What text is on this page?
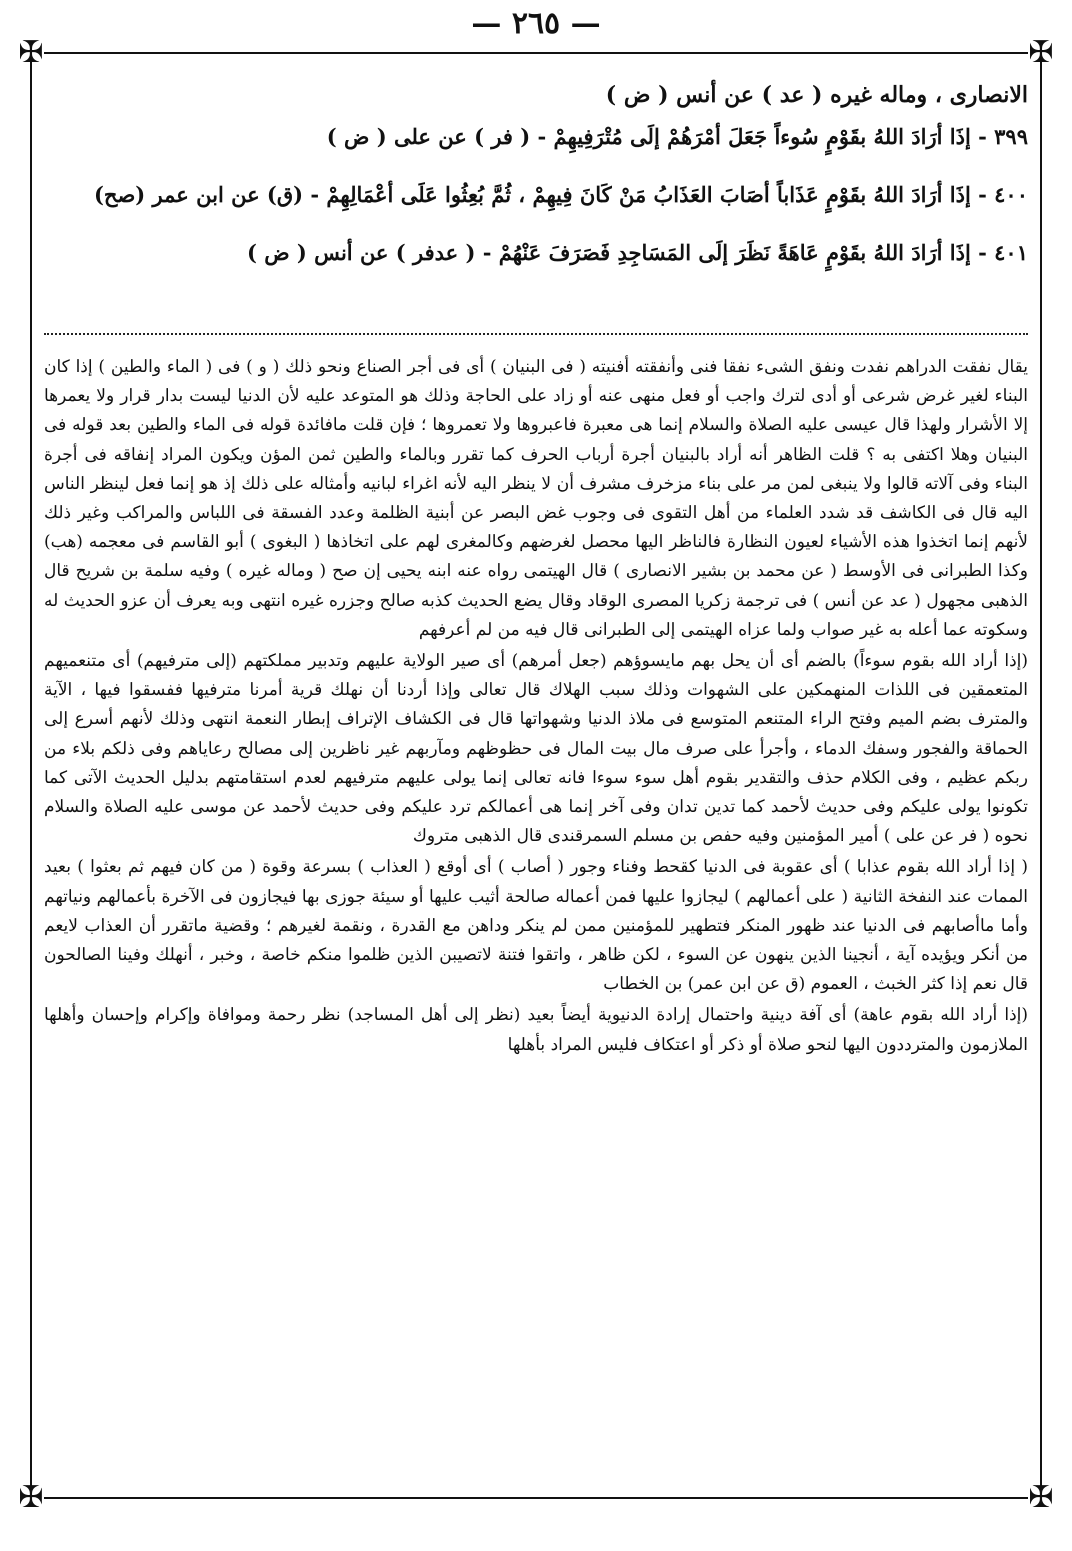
— ٢٦٥ —
✠	✠
✠	✠

الانصارى ، وماله غيره ( عد ) عن أنس ( ض )

٣٩٩ - إذَا أرَادَ اللهُ بقَوْمٍ سُوءاً جَعَلَ أمْرَهُمْ إلَى مُتْرَفِيهِمْ - ( فر ) عن على ( ض )

٤٠٠ - إذَا أرَادَ اللهُ بقَوْمٍ عَذَاباً أصَابَ العَذَابُ مَنْ كَانَ فِيهِمْ ، ثُمَّ بُعِثُوا عَلَى أعْمَالِهِمْ - (ق) عن ابن عمر (صح)

٤٠١ - إذَا أرَادَ اللهُ بقَوْمٍ عَاهَةً نَظَرَ إلَى المَسَاجِدِ فَصَرَفَ عَنْهُمْ - ( عدفر ) عن أنس ( ض )

يقال نفقت الدراهم نفدت ونفق الشىء نفقا فنى وأنفقته أفنيته ( فى البنيان ) أى فى أجر الصناع ونحو ذلك ( و ) فى ( الماء والطين ) إذا كان البناء لغير غرض شرعى أو أدى لترك واجب أو فعل منهى عنه أو زاد على الحاجة وذلك هو المتوعد عليه لأن الدنيا ليست بدار قرار ولا يعمرها إلا الأشرار ولهذا قال عيسى عليه الصلاة والسلام إنما هى معبرة فاعبروها ولا تعمروها ؛ فإن قلت مافائدة قوله فى الماء والطين بعد قوله فى البنيان وهلا اكتفى به ؟ قلت الظاهر أنه أراد بالبنيان أجرة أرباب الحرف كما تقرر وبالماء والطين ثمن المؤن ويكون المراد إنفاقه فى أجرة البناء وفى آلاته قالوا ولا ينبغى لمن مر على بناء مزخرف مشرف أن لا ينظر اليه لأنه اغراء لبانيه وأمثاله على ذلك إذ هو إنما فعل لينظر الناس اليه قال فى الكاشف قد شدد العلماء من أهل التقوى فى وجوب غض البصر عن أبنية الظلمة وعدد الفسقة فى اللباس والمراكب وغير ذلك لأنهم إنما اتخذوا هذه الأشياء لعيون النظارة فالناظر اليها محصل لغرضهم وكالمغرى لهم على اتخاذها ( البغوى ) أبو القاسم فى معجمه (هب) وكذا الطبرانى فى الأوسط ( عن محمد بن بشير الانصارى ) قال الهيتمى رواه عنه ابنه يحيى إن صح ( وماله غيره ) وفيه سلمة بن شريح قال الذهبى مجهول ( عد عن أنس ) فى ترجمة زكريا المصرى الوقاد وقال يضع الحديث كذبه صالح وجزره غيره انتهى وبه يعرف أن عزو الحديث له وسكوته عما أعله به غير صواب ولما عزاه الهيتمى إلى الطبرانى قال فيه من لم أعرفهم

(إذا أراد الله بقوم سوءاً) بالضم أى أن يحل بهم مايسوؤهم (جعل أمرهم) أى صير الولاية عليهم وتدبير مملكتهم (إلى مترفيهم) أى متنعميهم المتعمقين فى اللذات المنهمكين على الشهوات وذلك سبب الهلاك قال تعالى وإذا أردنا أن نهلك قرية أمرنا مترفيها ففسقوا فيها ، الآية والمترف بضم الميم وفتح الراء المتنعم المتوسع فى ملاذ الدنيا وشهواتها قال فى الكشاف الإتراف إبطار النعمة انتهى وذلك لأنهم أسرع إلى الحماقة والفجور وسفك الدماء ، وأجرأ على صرف مال بيت المال فى حظوظهم ومآربهم غير ناظرين إلى مصالح رعاياهم وفى ذلكم بلاء من ربكم عظيم ، وفى الكلام حذف والتقدير بقوم أهل سوء سوءا فانه تعالى إنما يولى عليهم مترفيهم لعدم استقامتهم بدليل الحديث الآتى كما تكونوا يولى عليكم وفى حديث لأحمد كما تدين تدان وفى آخر إنما هى أعمالكم ترد عليكم وفى حديث لأحمد عن موسى عليه الصلاة والسلام نحوه ( فر عن على ) أمير المؤمنين وفيه حفص بن مسلم السمرقندى قال الذهبى متروك

( إذا أراد الله بقوم عذابا ) أى عقوبة فى الدنيا كقحط وفناء وجور ( أصاب ) أى أوقع ( العذاب ) بسرعة وقوة ( من كان فيهم ثم بعثوا ) بعيد الممات عند النفخة الثانية ( على أعمالهم ) ليجازوا عليها فمن أعماله صالحة أثيب عليها أو سيئة جوزى بها فيجازون فى الآخرة بأعمالهم ونياتهم وأما ماأصابهم فى الدنيا عند ظهور المنكر فتطهير للمؤمنين ممن لم ينكر وداهن مع القدرة ، ونقمة لغيرهم ؛ وقضية ماتقرر أن العذاب لايعم من أنكر ويؤيده آية ، أنجينا الذين ينهون عن السوء ، لكن ظاهر ، واتقوا فتنة لاتصيبن الذين ظلموا منكم خاصة ، وخبر ، أنهلك وفينا الصالحون قال نعم إذا كثر الخبث ، العموم (ق عن ابن عمر) بن الخطاب

(إذا أراد الله بقوم عاهة) أى آفة دينية واحتمال إرادة الدنيوية أيضاً بعيد (نظر إلى أهل المساجد) نظر رحمة وموافاة وإكرام وإحسان وأهلها الملازمون والمترددون اليها لنحو صلاة أو ذكر أو اعتكاف فليس المراد بأهلها
